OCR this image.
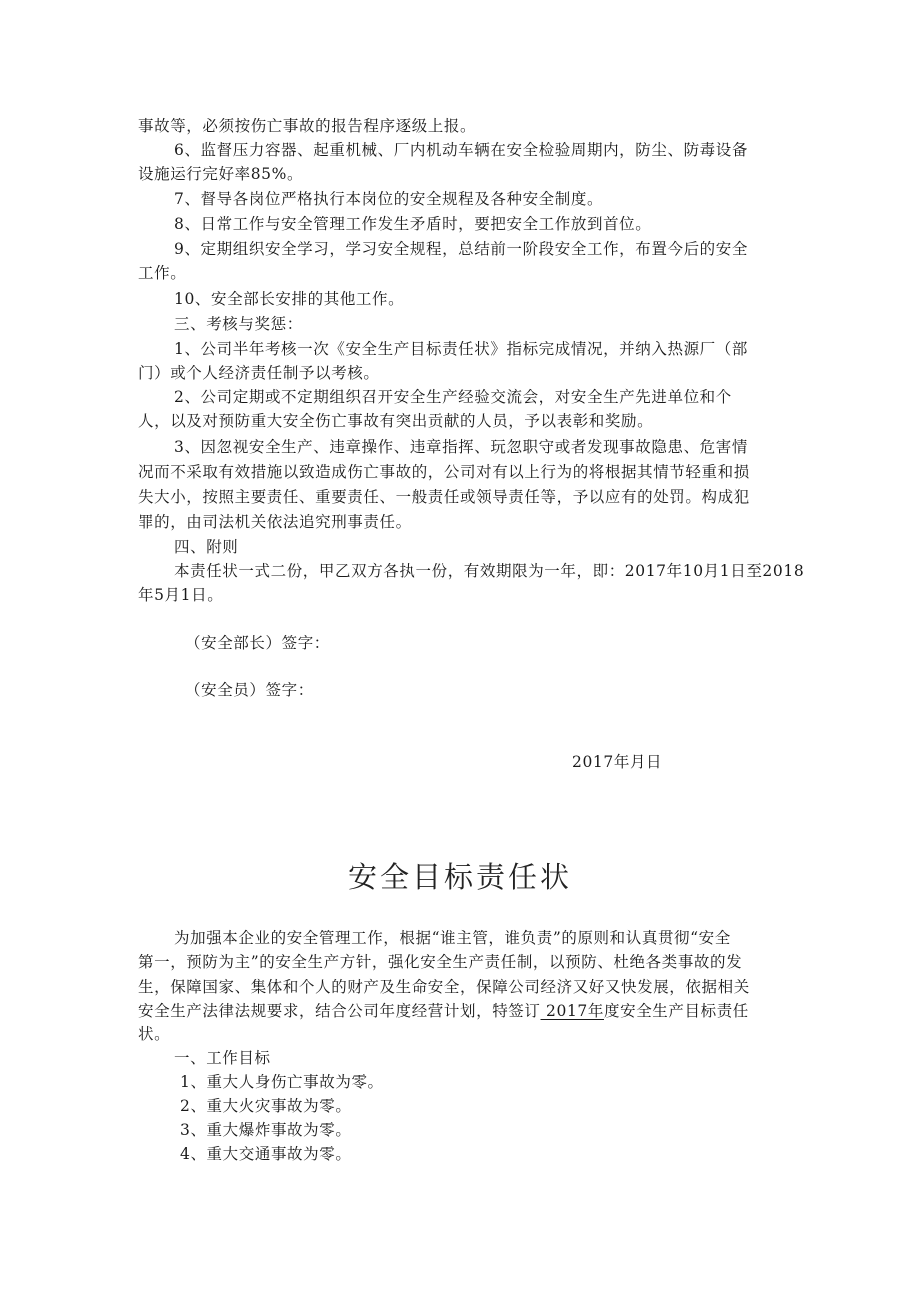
事故等，必须按伤亡事故的报告程序逐级上报。
6、监督压力容器、起重机械、厂内机动车辆在安全检验周期内，防尘、防毒设备
设施运行完好率85%。
7、督导各岗位严格执行本岗位的安全规程及各种安全制度。
8、日常工作与安全管理工作发生矛盾时，要把安全工作放到首位。
9、定期组织安全学习，学习安全规程，总结前一阶段安全工作，布置今后的安全
工作。
10、安全部长安排的其他工作。
三、考核与奖惩：
1、公司半年考核一次《安全生产目标责任状》指标完成情况，并纳入热源厂（部
门）或个人经济责任制予以考核。
2、公司定期或不定期组织召开安全生产经验交流会，对安全生产先进单位和个
人，以及对预防重大安全伤亡事故有突出贡献的人员，予以表彰和奖励。
3、因忽视安全生产、违章操作、违章指挥、玩忽职守或者发现事故隐患、危害情
况而不采取有效措施以致造成伤亡事故的，公司对有以上行为的将根据其情节轻重和损
失大小，按照主要责任、重要责任、一般责任或领导责任等，予以应有的处罚。构成犯
罪的，由司法机关依法追究刑事责任。
四、附则
本责任状一式二份，甲乙双方各执一份，有效期限为一年，即：2017年10月1日至2018
年5月1日。
（安全部长）签字：
（安全员）签字：
2017年月日
安全目标责任状
为加强本企业的安全管理工作，根据“谁主管，谁负责”的原则和认真贯彻“安全
第一，预防为主”的安全生产方针，强化安全生产责任制，以预防、杜绝各类事故的发
生，保障国家、集体和个人的财产及生命安全，保障公司经济又好又快发展，依据相关
安全生产法律法规要求，结合公司年度经营计划，特签订 2017年度安全生产目标责任
状。
一、工作目标
1、重大人身伤亡事故为零。
2、重大火灾事故为零。
3、重大爆炸事故为零。
4、重大交通事故为零。
